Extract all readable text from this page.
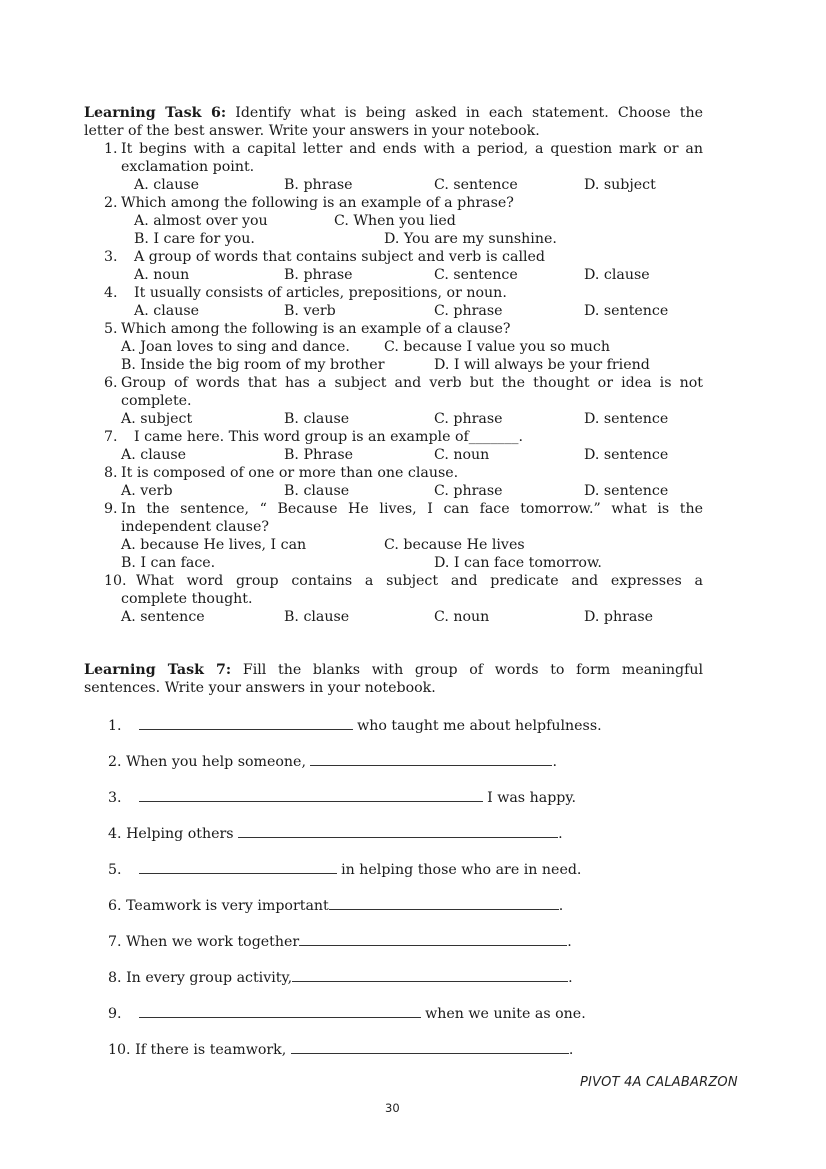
Learning Task 6: Identify what is being asked in each statement. Choose the
letter of the best answer. Write your answers in your notebook.
1. It begins with a capital letter and ends with a period, a question mark or an
exclamation point.
A. clause	B. phrase	C. sentence	D. subject
2. Which among the following is an example of a phrase?
A. almost over you	C. When you lied
B. I care for you.	D. You are my sunshine.
3. A group of words that contains subject and verb is called
A. noun	B. phrase	C. sentence	D. clause
4. It usually consists of articles, prepositions, or noun.
A. clause	B. verb	C. phrase	D. sentence
5. Which among the following is an example of a clause?
A. Joan loves to sing and dance. C. because I value you so much
B. Inside the big room of my brother	D. I will always be your friend
6. Group of words that has a subject and verb but the thought or idea is not
complete.
A. subject	B. clause	C. phrase	D. sentence
7. I came here. This word group is an example of_______.
A. clause	B. Phrase	C. noun	D. sentence
8. It is composed of one or more than one clause.
A. verb	B. clause	C. phrase	D. sentence
9. In the sentence, “ Because He lives, I can face tomorrow.” what is the
independent clause?
A. because He lives, I can	C. because He lives
B. I can face.	D. I can face tomorrow.
10. What word group contains a subject and predicate and expresses a
complete thought.
A. sentence	B. clause	C. noun	D. phrase
Learning Task 7: Fill the blanks with group of words to form meaningful
sentences. Write your answers in your notebook.
1.	who taught me about helpfulness.
2. When you help someone,	.
3.	I was happy.
4. Helping others	.
5.	in helping those who are in need.
6. Teamwork is very important	.
7. When we work together	.
8. In every group activity,	.
9.	when we unite as one.
10. If there is teamwork,	.
PIVOT 4A CALABARZON
30
